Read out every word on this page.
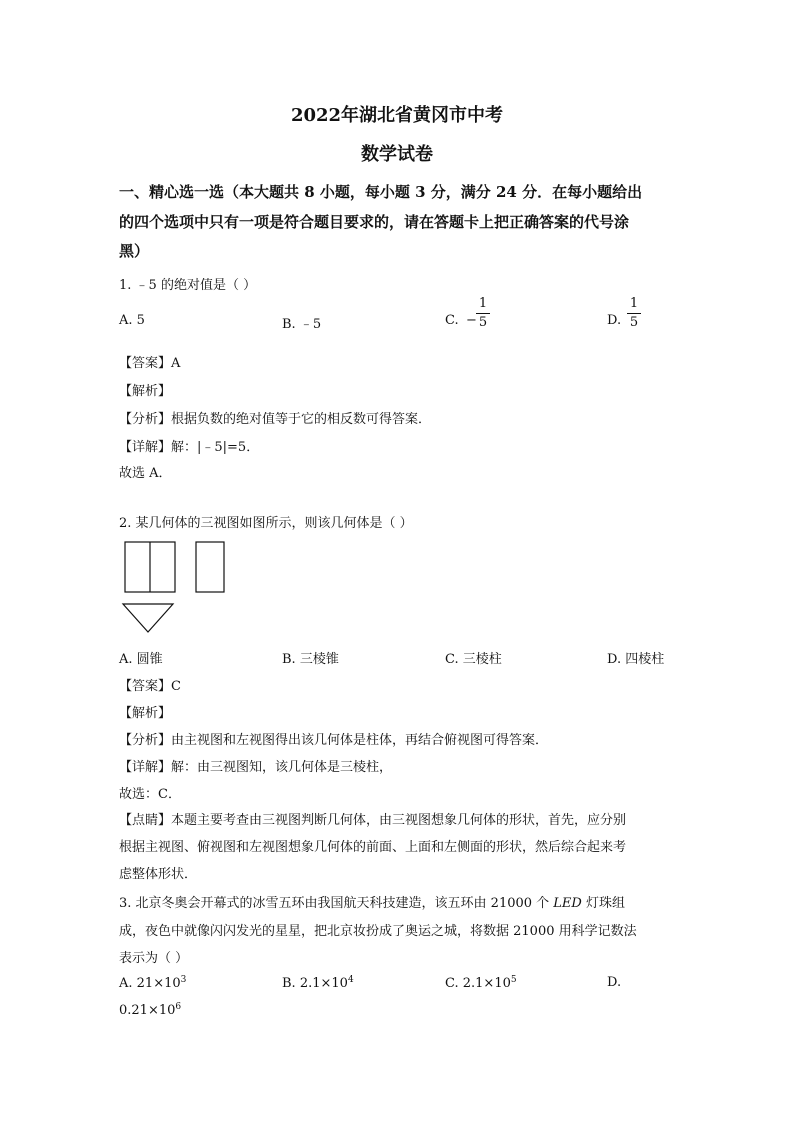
2022年湖北省黄冈市中考
数学试卷
一、精心选一选（本大题共 8 小题，每小题 3 分，满分 24 分．在每小题给出
的四个选项中只有一项是符合题目要求的，请在答题卡上把正确答案的代号涂
黑）
1. ﹣5 的绝对值是（ ）
A. 5	B. ﹣5	C. −
1
5	D.
1
5
【答案】A
【解析】
【分析】根据负数的绝对值等于它的相反数可得答案．
【详解】解：|﹣5|=5．
故选 A．
2. 某几何体的三视图如图所示，则该几何体是（ ）
A. 圆锥	B. 三棱锥	C. 三棱柱	D. 四棱柱
【答案】C
【解析】
【分析】由主视图和左视图得出该几何体是柱体，再结合俯视图可得答案．
【详解】解：由三视图知，该几何体是三棱柱，
故选：C．
【点睛】本题主要考查由三视图判断几何体，由三视图想象几何体的形状，首先，应分别
根据主视图、俯视图和左视图想象几何体的前面、上面和左侧面的形状，然后综合起来考
虑整体形状．
3. 北京冬奥会开幕式的冰雪五环由我国航天科技建造，该五环由 21000 个 LED 灯珠组
成，夜色中就像闪闪发光的星星，把北京妆扮成了奥运之城，将数据 21000 用科学记数法
表示为（ ）
A. $21\times 10^3$	B. $2.1\times 10^4$	C. $2.1\times 10^5$	D.
$0.21\times 10^6$
